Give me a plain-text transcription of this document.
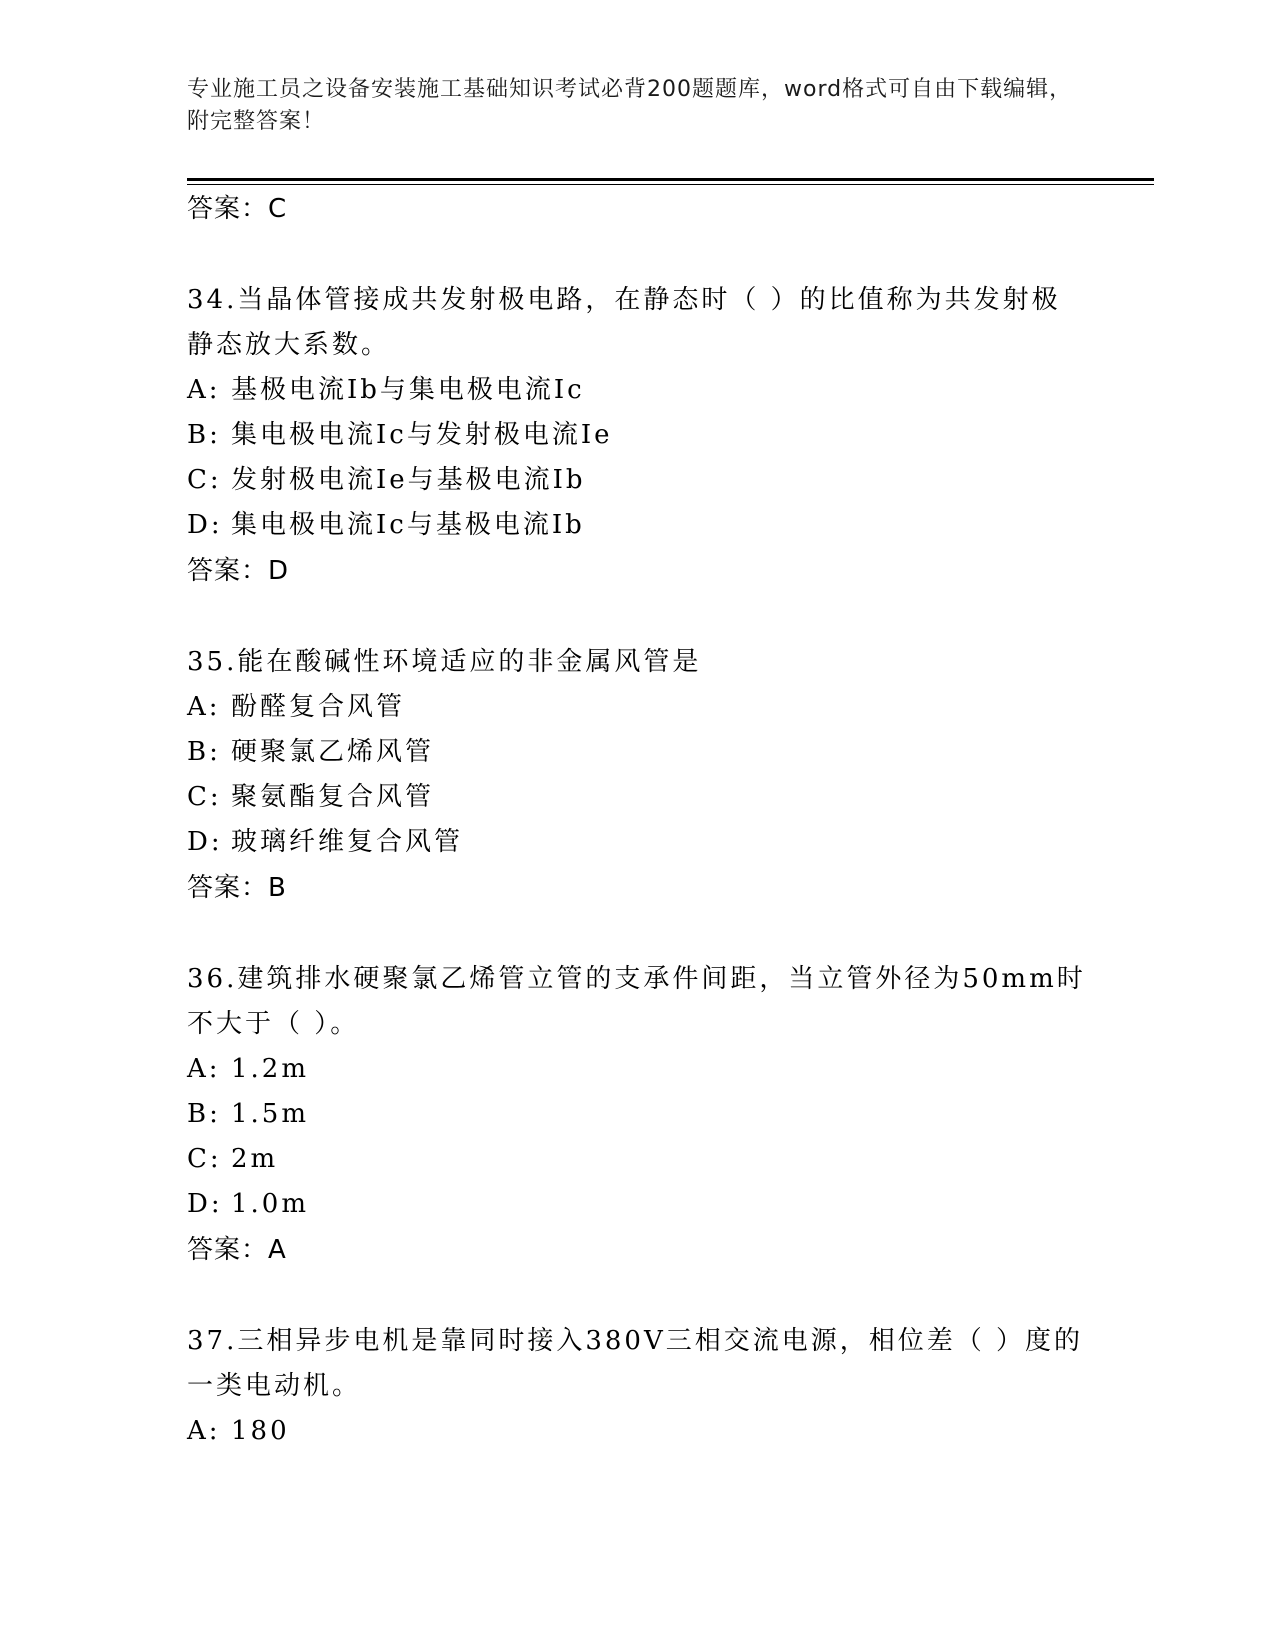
专业施工员之设备安装施工基础知识考试必背200题题库，word格式可自由下载编辑，附完整答案！
答案：C
34.当晶体管接成共发射极电路，在静态时（ ）的比值称为共发射极静态放大系数。
A: 基极电流Ib与集电极电流Ic
B: 集电极电流Ic与发射极电流Ie
C: 发射极电流Ie与基极电流Ib
D: 集电极电流Ic与基极电流Ib
答案：D
35.能在酸碱性环境适应的非金属风管是
A: 酚醛复合风管
B: 硬聚氯乙烯风管
C: 聚氨酯复合风管
D: 玻璃纤维复合风管
答案：B
36.建筑排水硬聚氯乙烯管立管的支承件间距，当立管外径为50mm时不大于（ ）。
A: 1.2m
B: 1.5m
C: 2m
D: 1.0m
答案：A
37.三相异步电机是靠同时接入380V三相交流电源，相位差（ ）度的一类电动机。
A: 180
